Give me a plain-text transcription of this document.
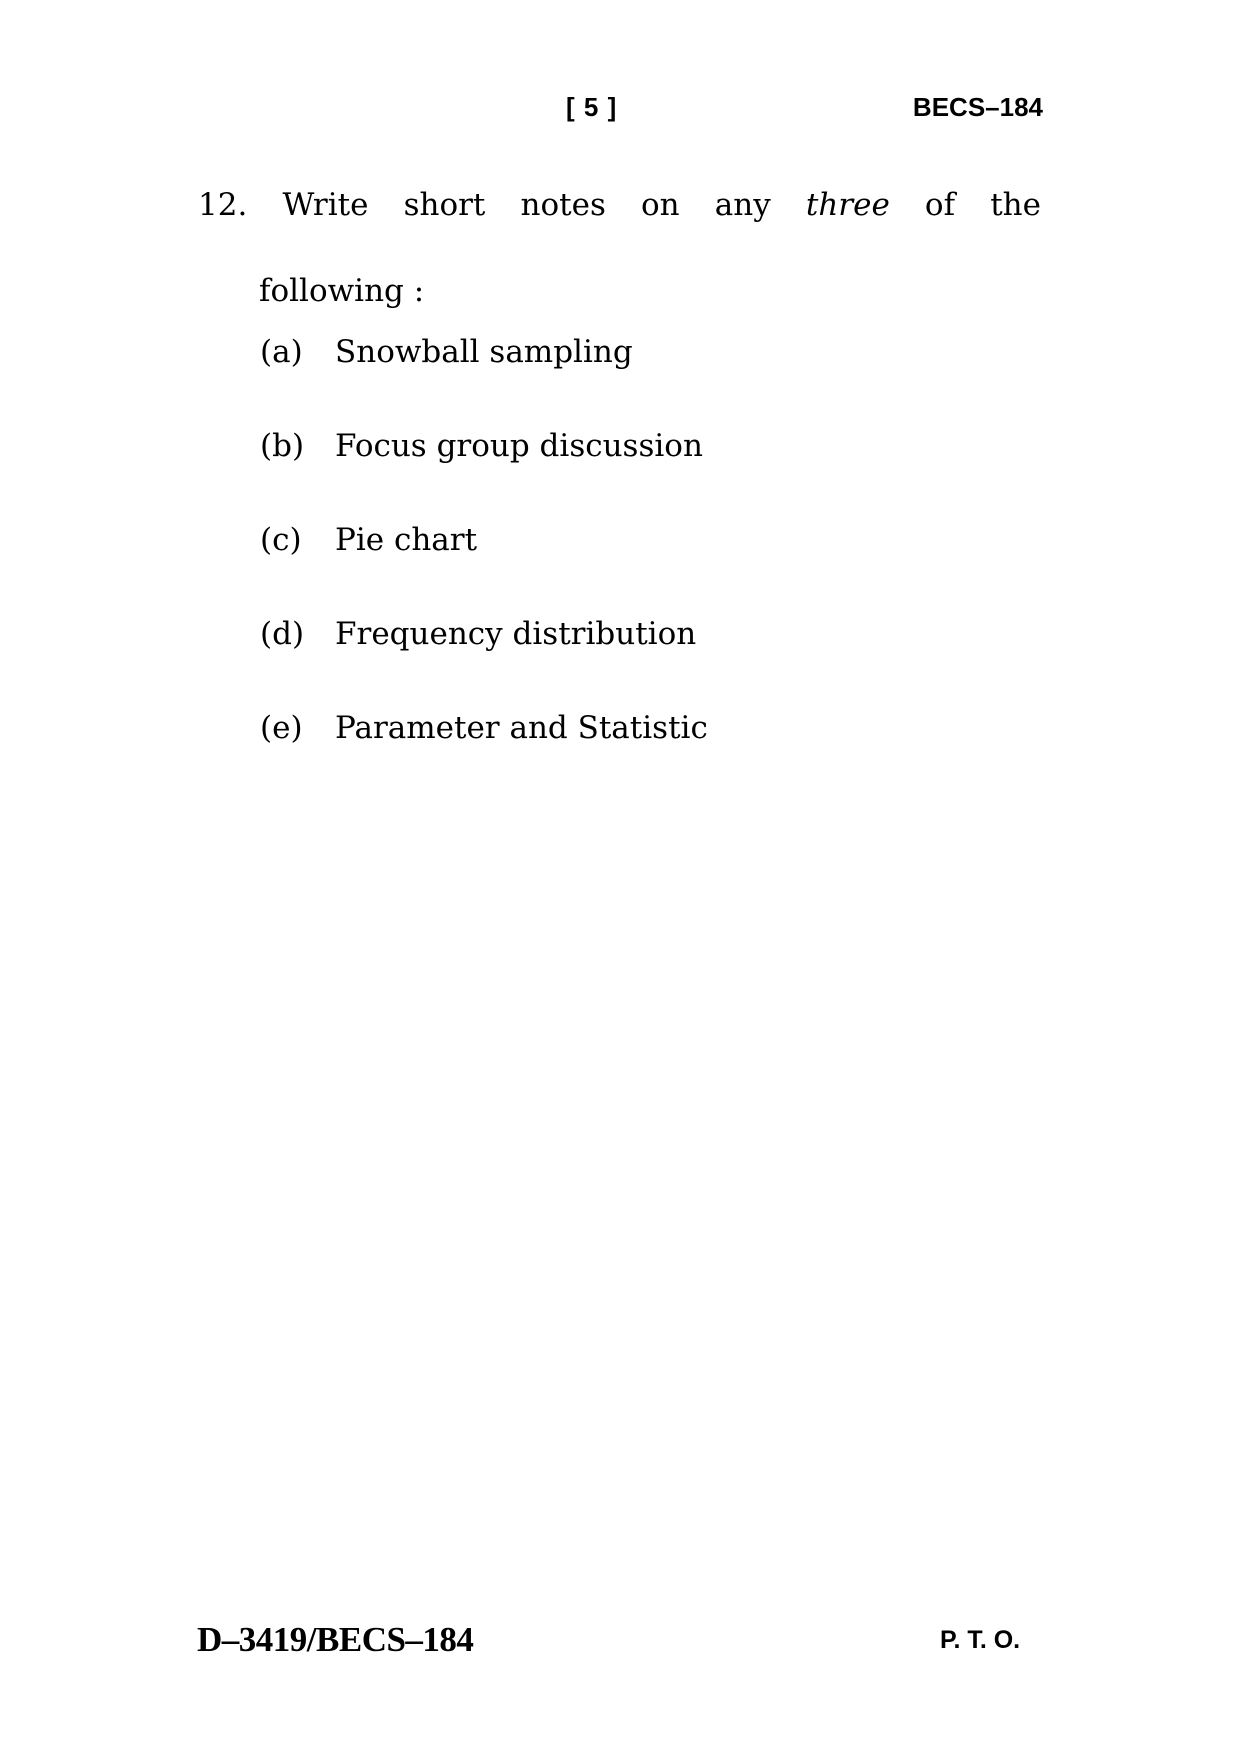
[ 5 ]	BECS–184
12. Write short notes on any three of the
following :
(a)	Snowball sampling
(b) Focus group discussion
(c)	Pie chart
(d) Frequency distribution
(e)	Parameter and Statistic
D–3419/BECS–184	P. T. O.
